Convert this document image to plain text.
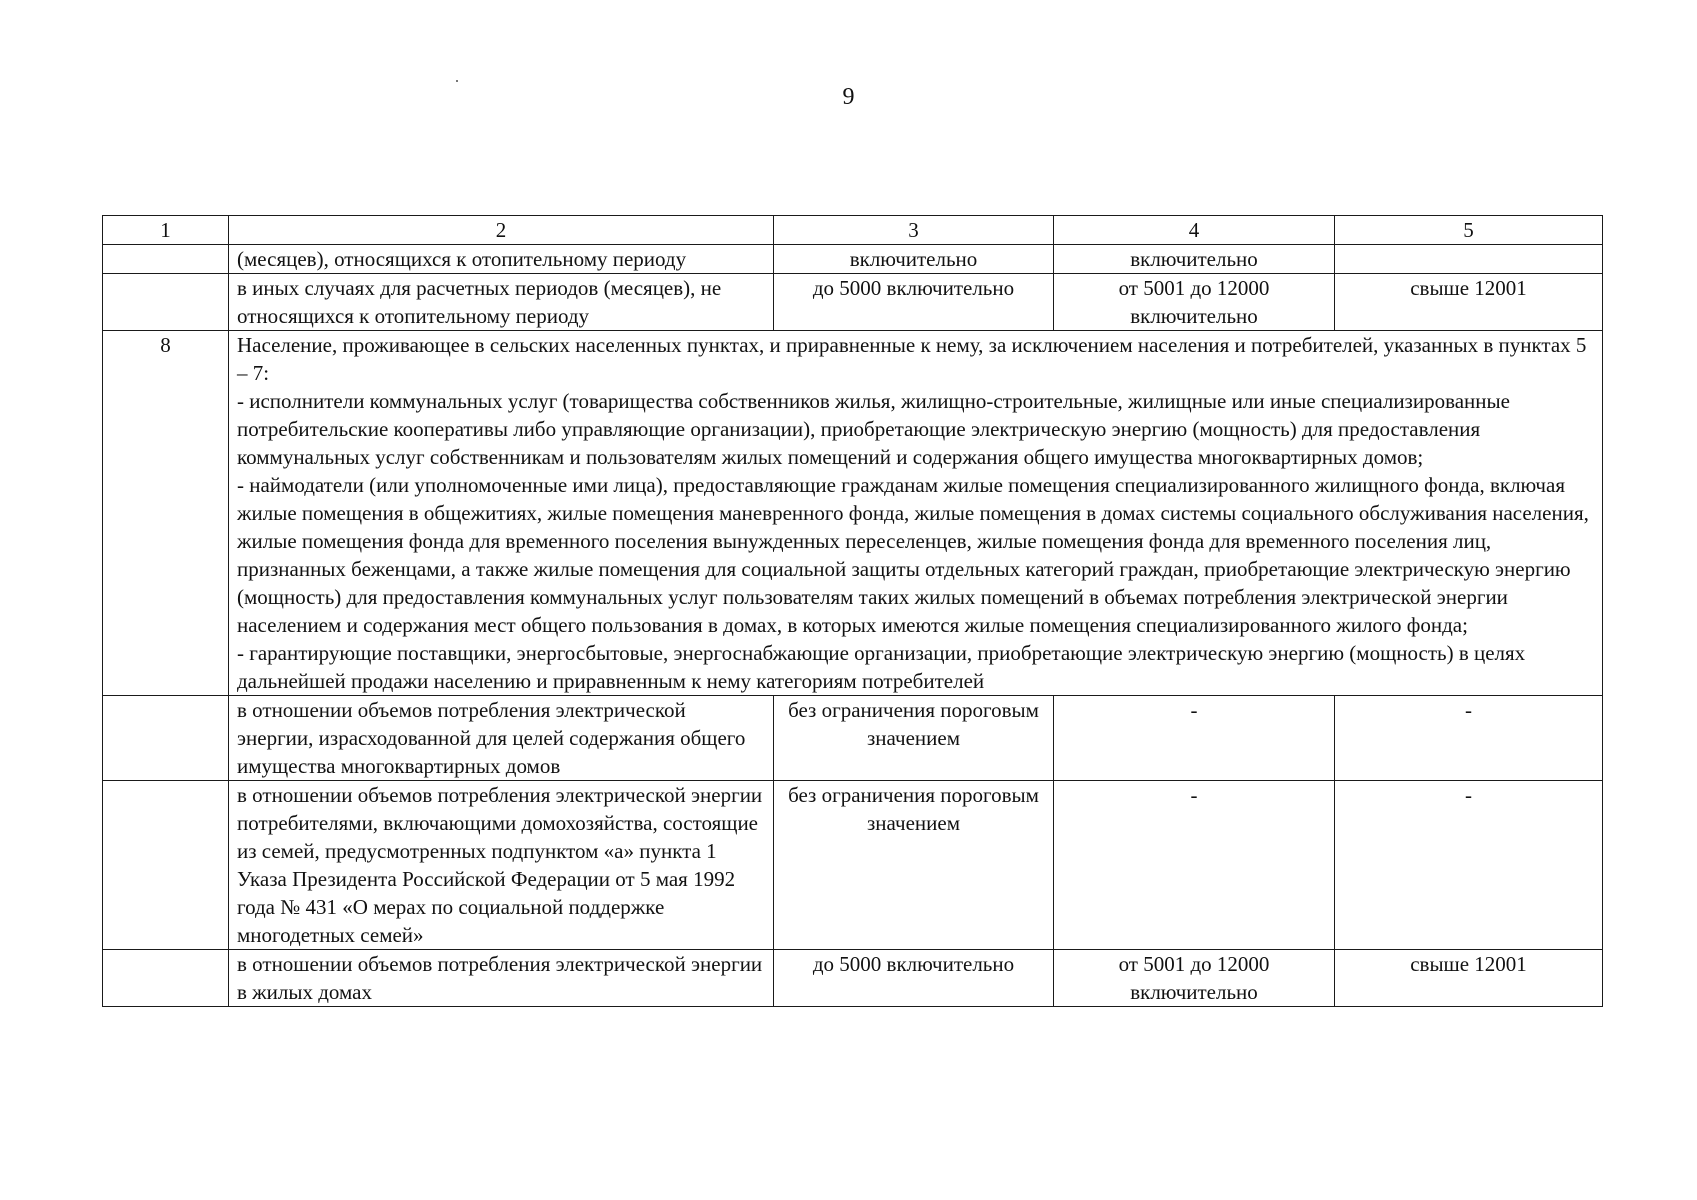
9
1	2	3	4	5
	(месяцев), относящихся к отопительному периоду	включительно	включительно	
	в иных случаях для расчетных периодов (месяцев), не относящихся к отопительному периоду	до 5000 включительно	от 5001 до 12000 включительно	свыше 12001
8	Население, проживающее в сельских населенных пунктах, и приравненные к нему, за исключением населения и потребителей, указанных в пунктах 5 – 7:
- исполнители коммунальных услуг (товарищества собственников жилья, жилищно-строительные, жилищные или иные специализированные потребительские кооперативы либо управляющие организации), приобретающие электрическую энергию (мощность) для предоставления коммунальных услуг собственникам и пользователям жилых помещений и содержания общего имущества многоквартирных домов;
- наймодатели (или уполномоченные ими лица), предоставляющие гражданам жилые помещения специализированного жилищного фонда, включая жилые помещения в общежитиях, жилые помещения маневренного фонда, жилые помещения в домах системы социального обслуживания населения, жилые помещения фонда для временного поселения вынужденных переселенцев, жилые помещения фонда для временного поселения лиц, признанных беженцами, а также жилые помещения для социальной защиты отдельных категорий граждан, приобретающие электрическую энергию (мощность) для предоставления коммунальных услуг пользователям таких жилых помещений в объемах потребления электрической энергии населением и содержания мест общего пользования в домах, в которых имеются жилые помещения специализированного жилого фонда;
- гарантирующие поставщики, энергосбытовые, энергоснабжающие организации, приобретающие электрическую энергию (мощность) в целях дальнейшей продажи населению и приравненным к нему категориям потребителей			

	в отношении объемов потребления электрической энергии, израсходованной для целей содержания общего имущества многоквартирных домов	без ограничения пороговым значением	-	-
	в отношении объемов потребления электрической энергии потребителями, включающими домохозяйства, состоящие из семей, предусмотренных подпунктом «а» пункта 1 Указа Президента Российской Федерации от 5 мая 1992 года № 431 «О мерах по социальной поддержке многодетных семей»	без ограничения пороговым значением	-	-
	в отношении объемов потребления электрической энергии в жилых домах	до 5000 включительно	от 5001 до 12000 включительно	свыше 12001
